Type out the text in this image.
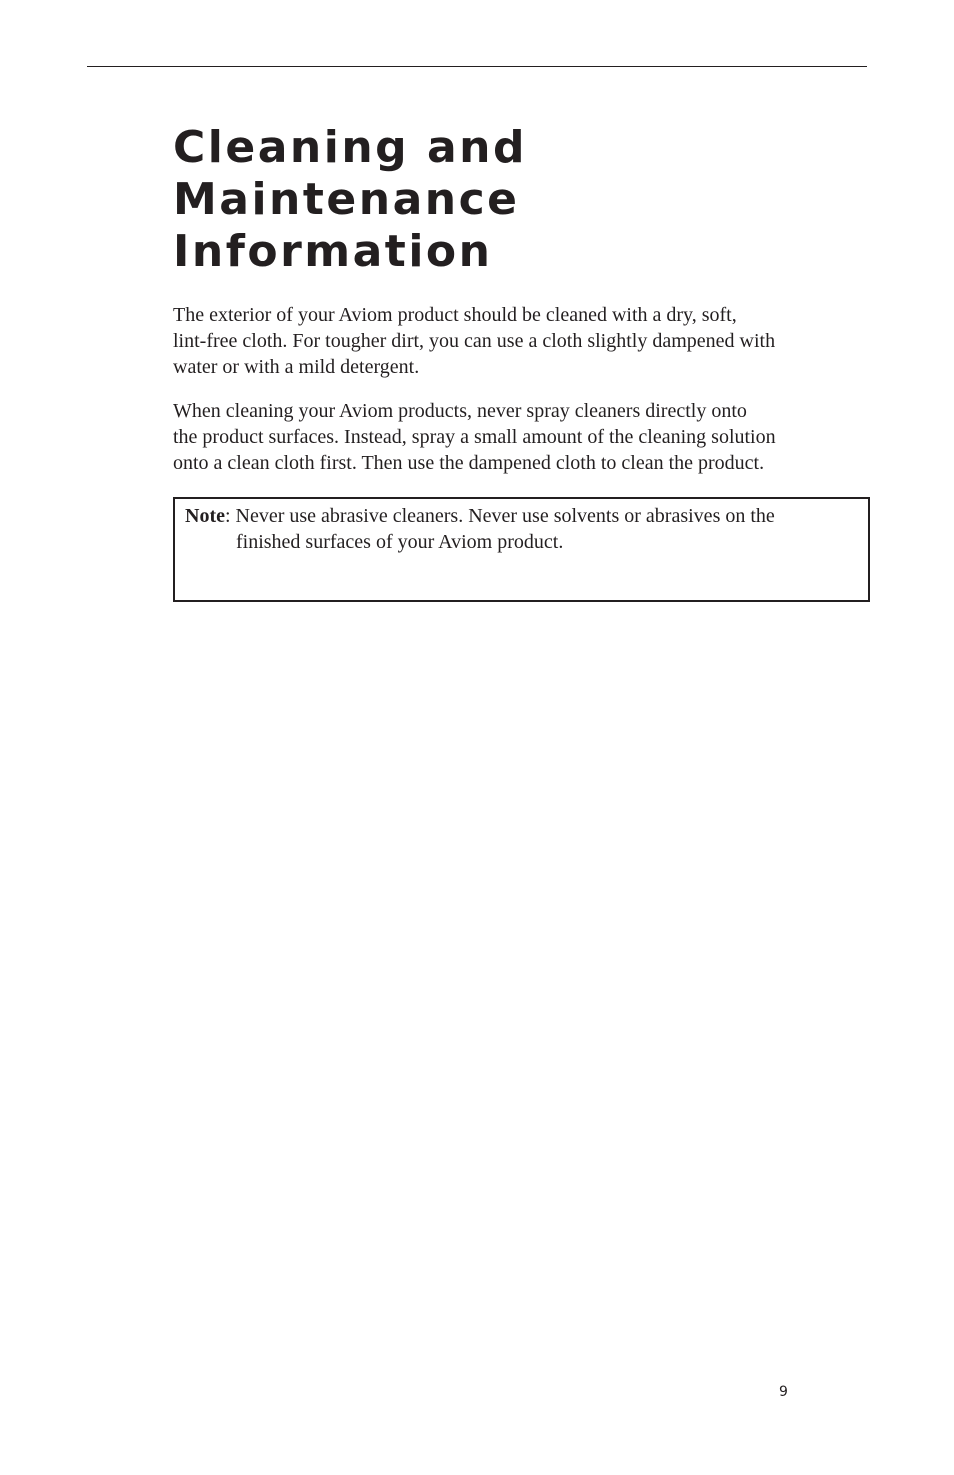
Cleaning and
Maintenance
Information

The exterior of your Aviom product should be cleaned with a dry, soft,
lint-free cloth. For tougher dirt, you can use a cloth slightly dampened with
water or with a mild detergent.

When cleaning your Aviom products, never spray cleaners directly onto
the product surfaces. Instead, spray a small amount of the cleaning solution
onto a clean cloth first. Then use the dampened cloth to clean the product.

Note: Never use abrasive cleaners. Never use solvents or abrasives on the
finished surfaces of your Aviom product.

9
